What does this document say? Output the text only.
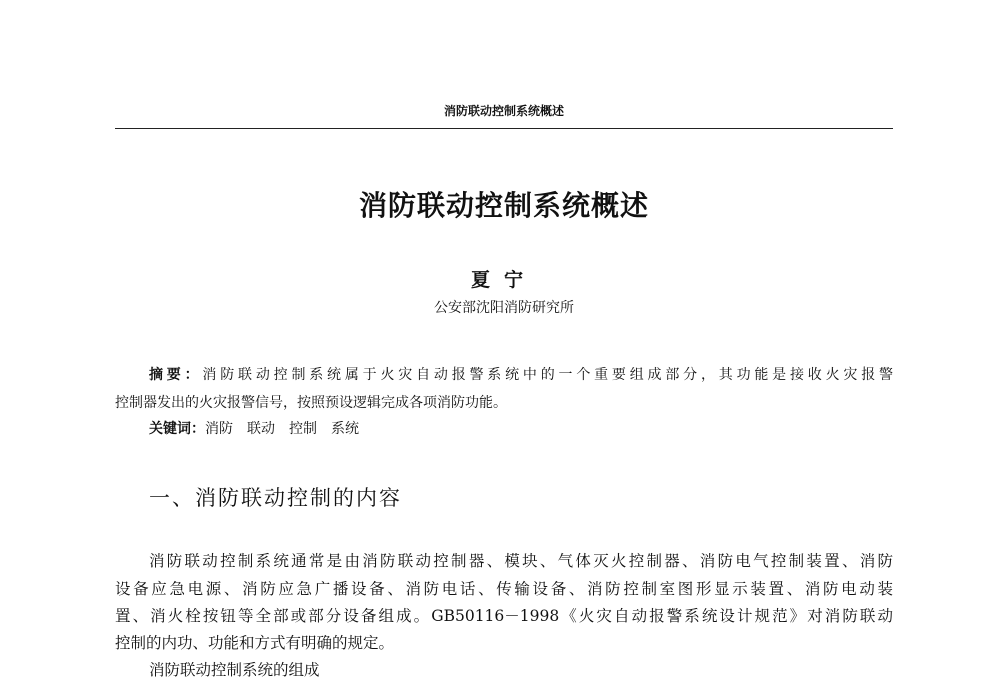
消防联动控制系统概述
消防联动控制系统概述
夏宁
公安部沈阳消防研究所
摘要：消防联动控制系统属于火灾自动报警系统中的一个重要组成部分，其功能是接收火灾报警
控制器发出的火灾报警信号，按照预设逻辑完成各项消防功能。
关键词：消防　联动　控制　系统
一、消防联动控制的内容
消防联动控制系统通常是由消防联动控制器、模块、气体灭火控制器、消防电气控制装置、消防
设备应急电源、消防应急广播设备、消防电话、传输设备、消防控制室图形显示装置、消防电动装
置、消火栓按钮等全部或部分设备组成。GB50116－1998《火灾自动报警系统设计规范》对消防联动
控制的内功、功能和方式有明确的规定。
消防联动控制系统的组成
